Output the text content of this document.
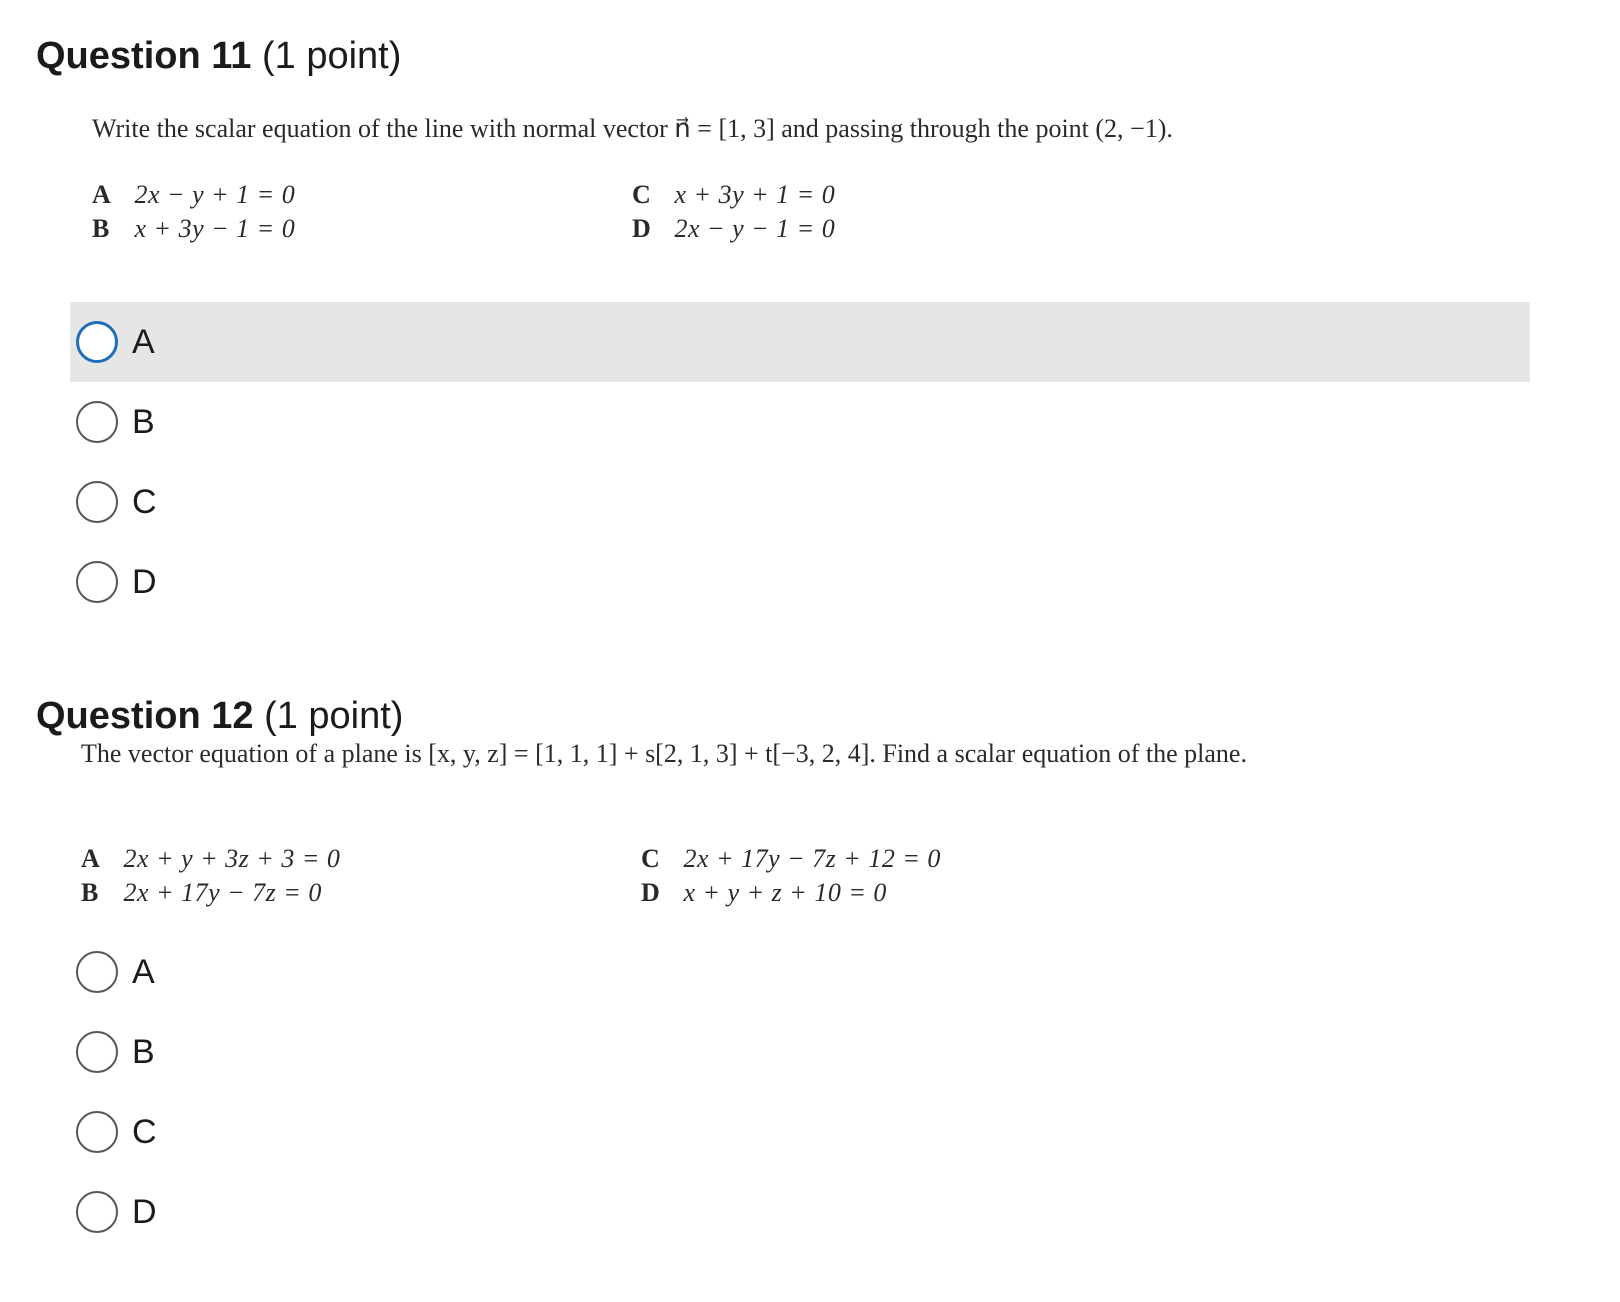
Question 11 (1 point)

Write the scalar equation of the line with normal vector n⃗ = [1, 3] and passing through the point (2, −1).

A 2x − y + 1 = 0
B x + 3y − 1 = 0
C x + 3y + 1 = 0
D 2x − y − 1 = 0
A
B
C
D
Question 12 (1 point)

The vector equation of a plane is [x, y, z] = [1, 1, 1] + s[2, 1, 3] + t[−3, 2, 4]. Find a scalar equation of the plane.

A 2x + y + 3z + 3 = 0
B 2x + 17y − 7z = 0
C 2x + 17y − 7z + 12 = 0
D x + y + z + 10 = 0
A
B
C
D
